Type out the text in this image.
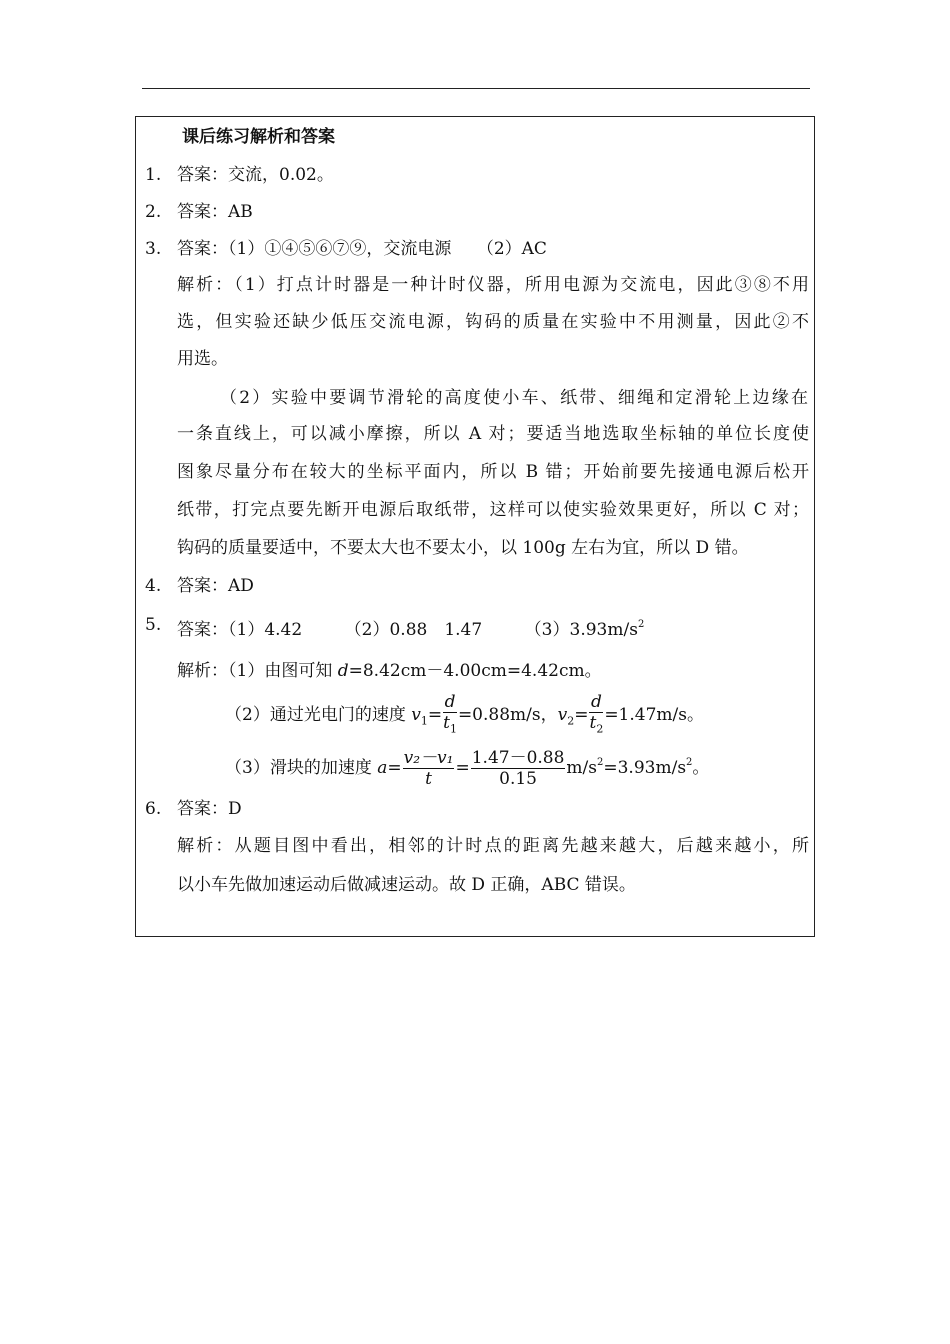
课后练习解析和答案
1. 答案：交流，0.02。
2. 答案：AB
3. 答案：（1）①④⑤⑥⑦⑨，交流电源　　（2）AC
解析：（1）打点计时器是一种计时仪器，所用电源为交流电，因此③⑧不用
选，但实验还缺少低压交流电源，钩码的质量在实验中不用测量，因此②不
用选。
（2）实验中要调节滑轮的高度使小车、纸带、细绳和定滑轮上边缘在
一条直线上，可以减小摩擦，所以 A 对；要适当地选取坐标轴的单位长度使
图象尽量分布在较大的坐标平面内，所以 B 错；开始前要先接通电源后松开
纸带，打完点要先断开电源后取纸带，这样可以使实验效果更好，所以 C 对；
钩码的质量要适中，不要太大也不要太小，以 100g 左右为宜，所以 D 错。
4. 答案：AD
5. 答案：（1）4.42　　　（2）0.88　1.47　　　$(3)3.93m/s^2$
解析：（1）由图可知 d=8.42cm－4.00cm=4.42cm。
（2）通过光电门的速度 $v_1= \frac{d}{t_1} =0.88m/s$，$v_2= \frac{d}{t_2} =1.47m/s$。
（3）滑块的加速度 $a= \frac{\text{v₂－v₁}}{t} = \frac{1.47-0.88}{0.15} m/s^2=3.93m/s^2$。
6. 答案：D
解析：从题目图中看出，相邻的计时点的距离先越来越大，后越来越小，所
以小车先做加速运动后做减速运动。故 D 正确，ABC 错误。
